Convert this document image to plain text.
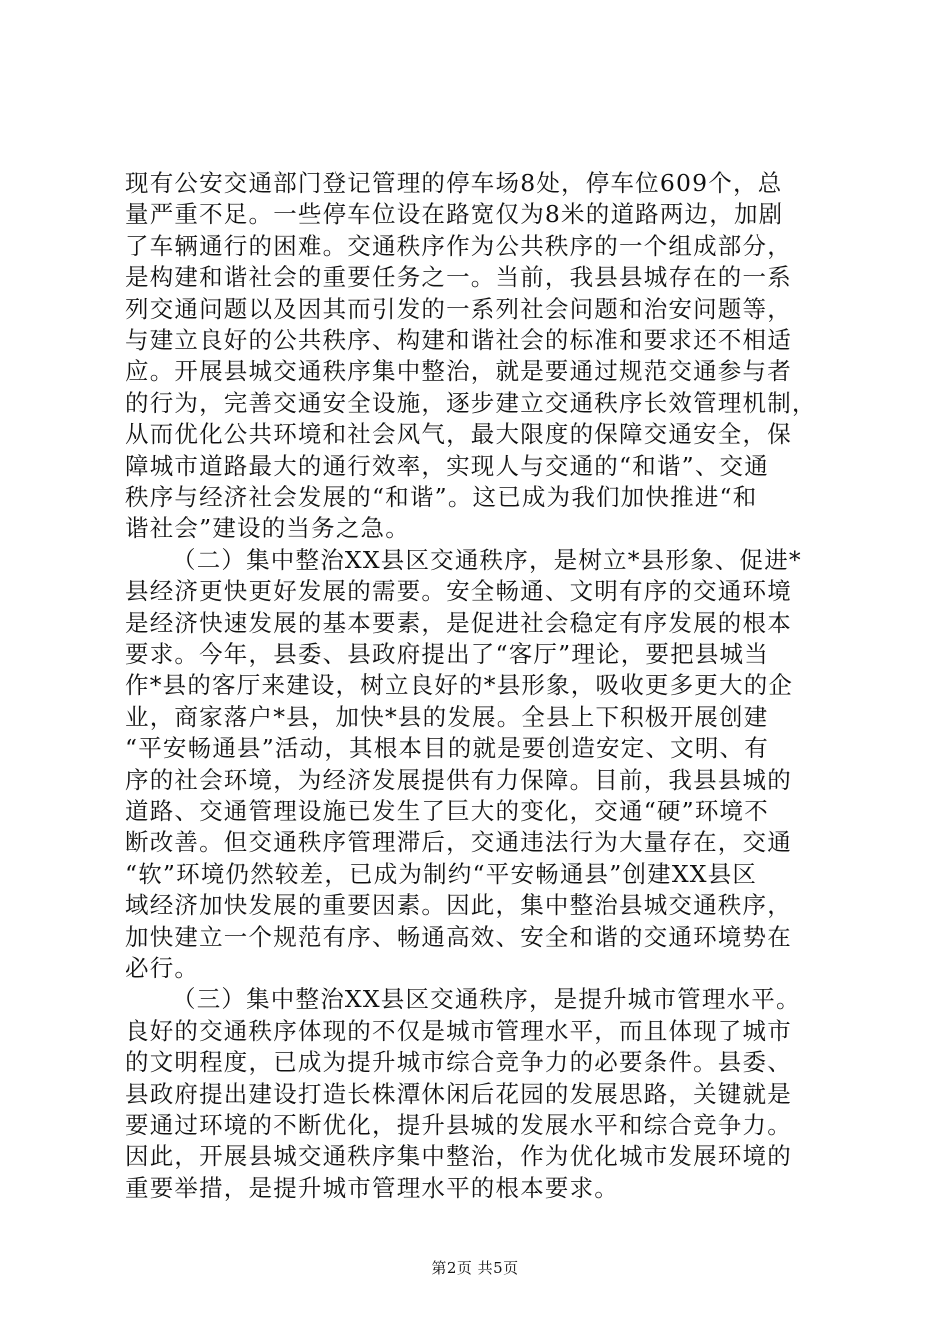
现有公安交通部门登记管理的停车场8处，停车位609个，总
量严重不足。一些停车位设在路宽仅为8米的道路两边，加剧
了车辆通行的困难。交通秩序作为公共秩序的一个组成部分，
是构建和谐社会的重要任务之一。当前，我县县城存在的一系
列交通问题以及因其而引发的一系列社会问题和治安问题等，
与建立良好的公共秩序、构建和谐社会的标准和要求还不相适
应。开展县城交通秩序集中整治，就是要通过规范交通参与者
的行为，完善交通安全设施，逐步建立交通秩序长效管理机制，
从而优化公共环境和社会风气，最大限度的保障交通安全，保
障城市道路最大的通行效率，实现人与交通的“和谐”、交通
秩序与经济社会发展的“和谐”。这已成为我们加快推进“和
谐社会”建设的当务之急。
（二）集中整治XX县区交通秩序，是树立*县形象、促进*
县经济更快更好发展的需要。安全畅通、文明有序的交通环境
是经济快速发展的基本要素，是促进社会稳定有序发展的根本
要求。今年，县委、县政府提出了“客厅”理论，要把县城当
作*县的客厅来建设，树立良好的*县形象，吸收更多更大的企
业，商家落户*县，加快*县的发展。全县上下积极开展创建
“平安畅通县”活动，其根本目的就是要创造安定、文明、有
序的社会环境，为经济发展提供有力保障。目前，我县县城的
道路、交通管理设施已发生了巨大的变化，交通“硬”环境不
断改善。但交通秩序管理滞后，交通违法行为大量存在，交通
“软”环境仍然较差，已成为制约“平安畅通县”创建XX县区
域经济加快发展的重要因素。因此，集中整治县城交通秩序，
加快建立一个规范有序、畅通高效、安全和谐的交通环境势在
必行。
（三）集中整治XX县区交通秩序，是提升城市管理水平。
良好的交通秩序体现的不仅是城市管理水平，而且体现了城市
的文明程度，已成为提升城市综合竞争力的必要条件。县委、
县政府提出建设打造长株潭休闲后花园的发展思路，关键就是
要通过环境的不断优化，提升县城的发展水平和综合竞争力。
因此，开展县城交通秩序集中整治，作为优化城市发展环境的
重要举措，是提升城市管理水平的根本要求。
第2页 共5页
